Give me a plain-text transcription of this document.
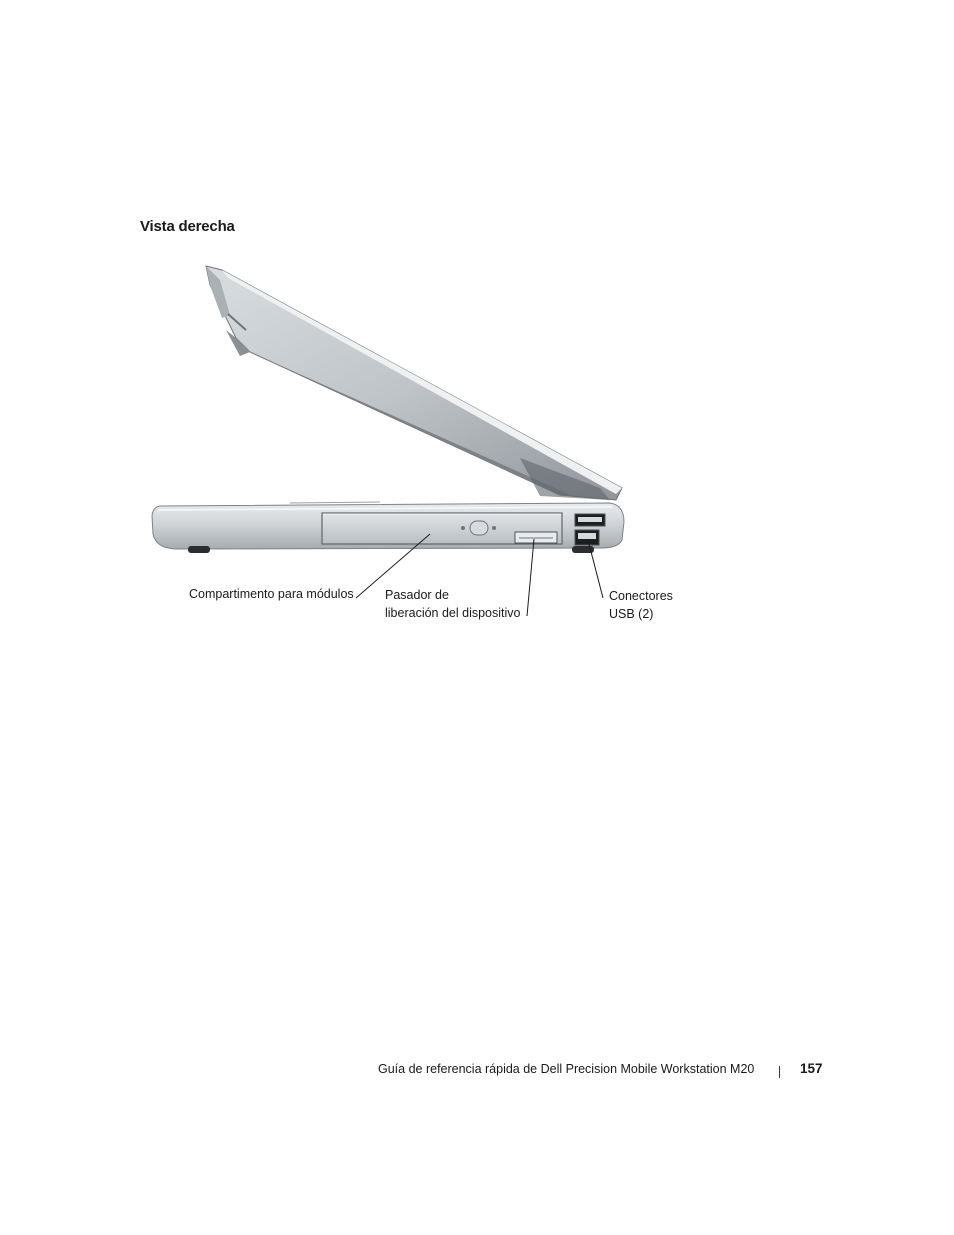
Vista derecha
Compartimento para módulos	Pasador de
liberación del dispositivo
Conectores
USB (2)
Guía de referencia rápida de Dell Precision Mobile Workstation M20	157
